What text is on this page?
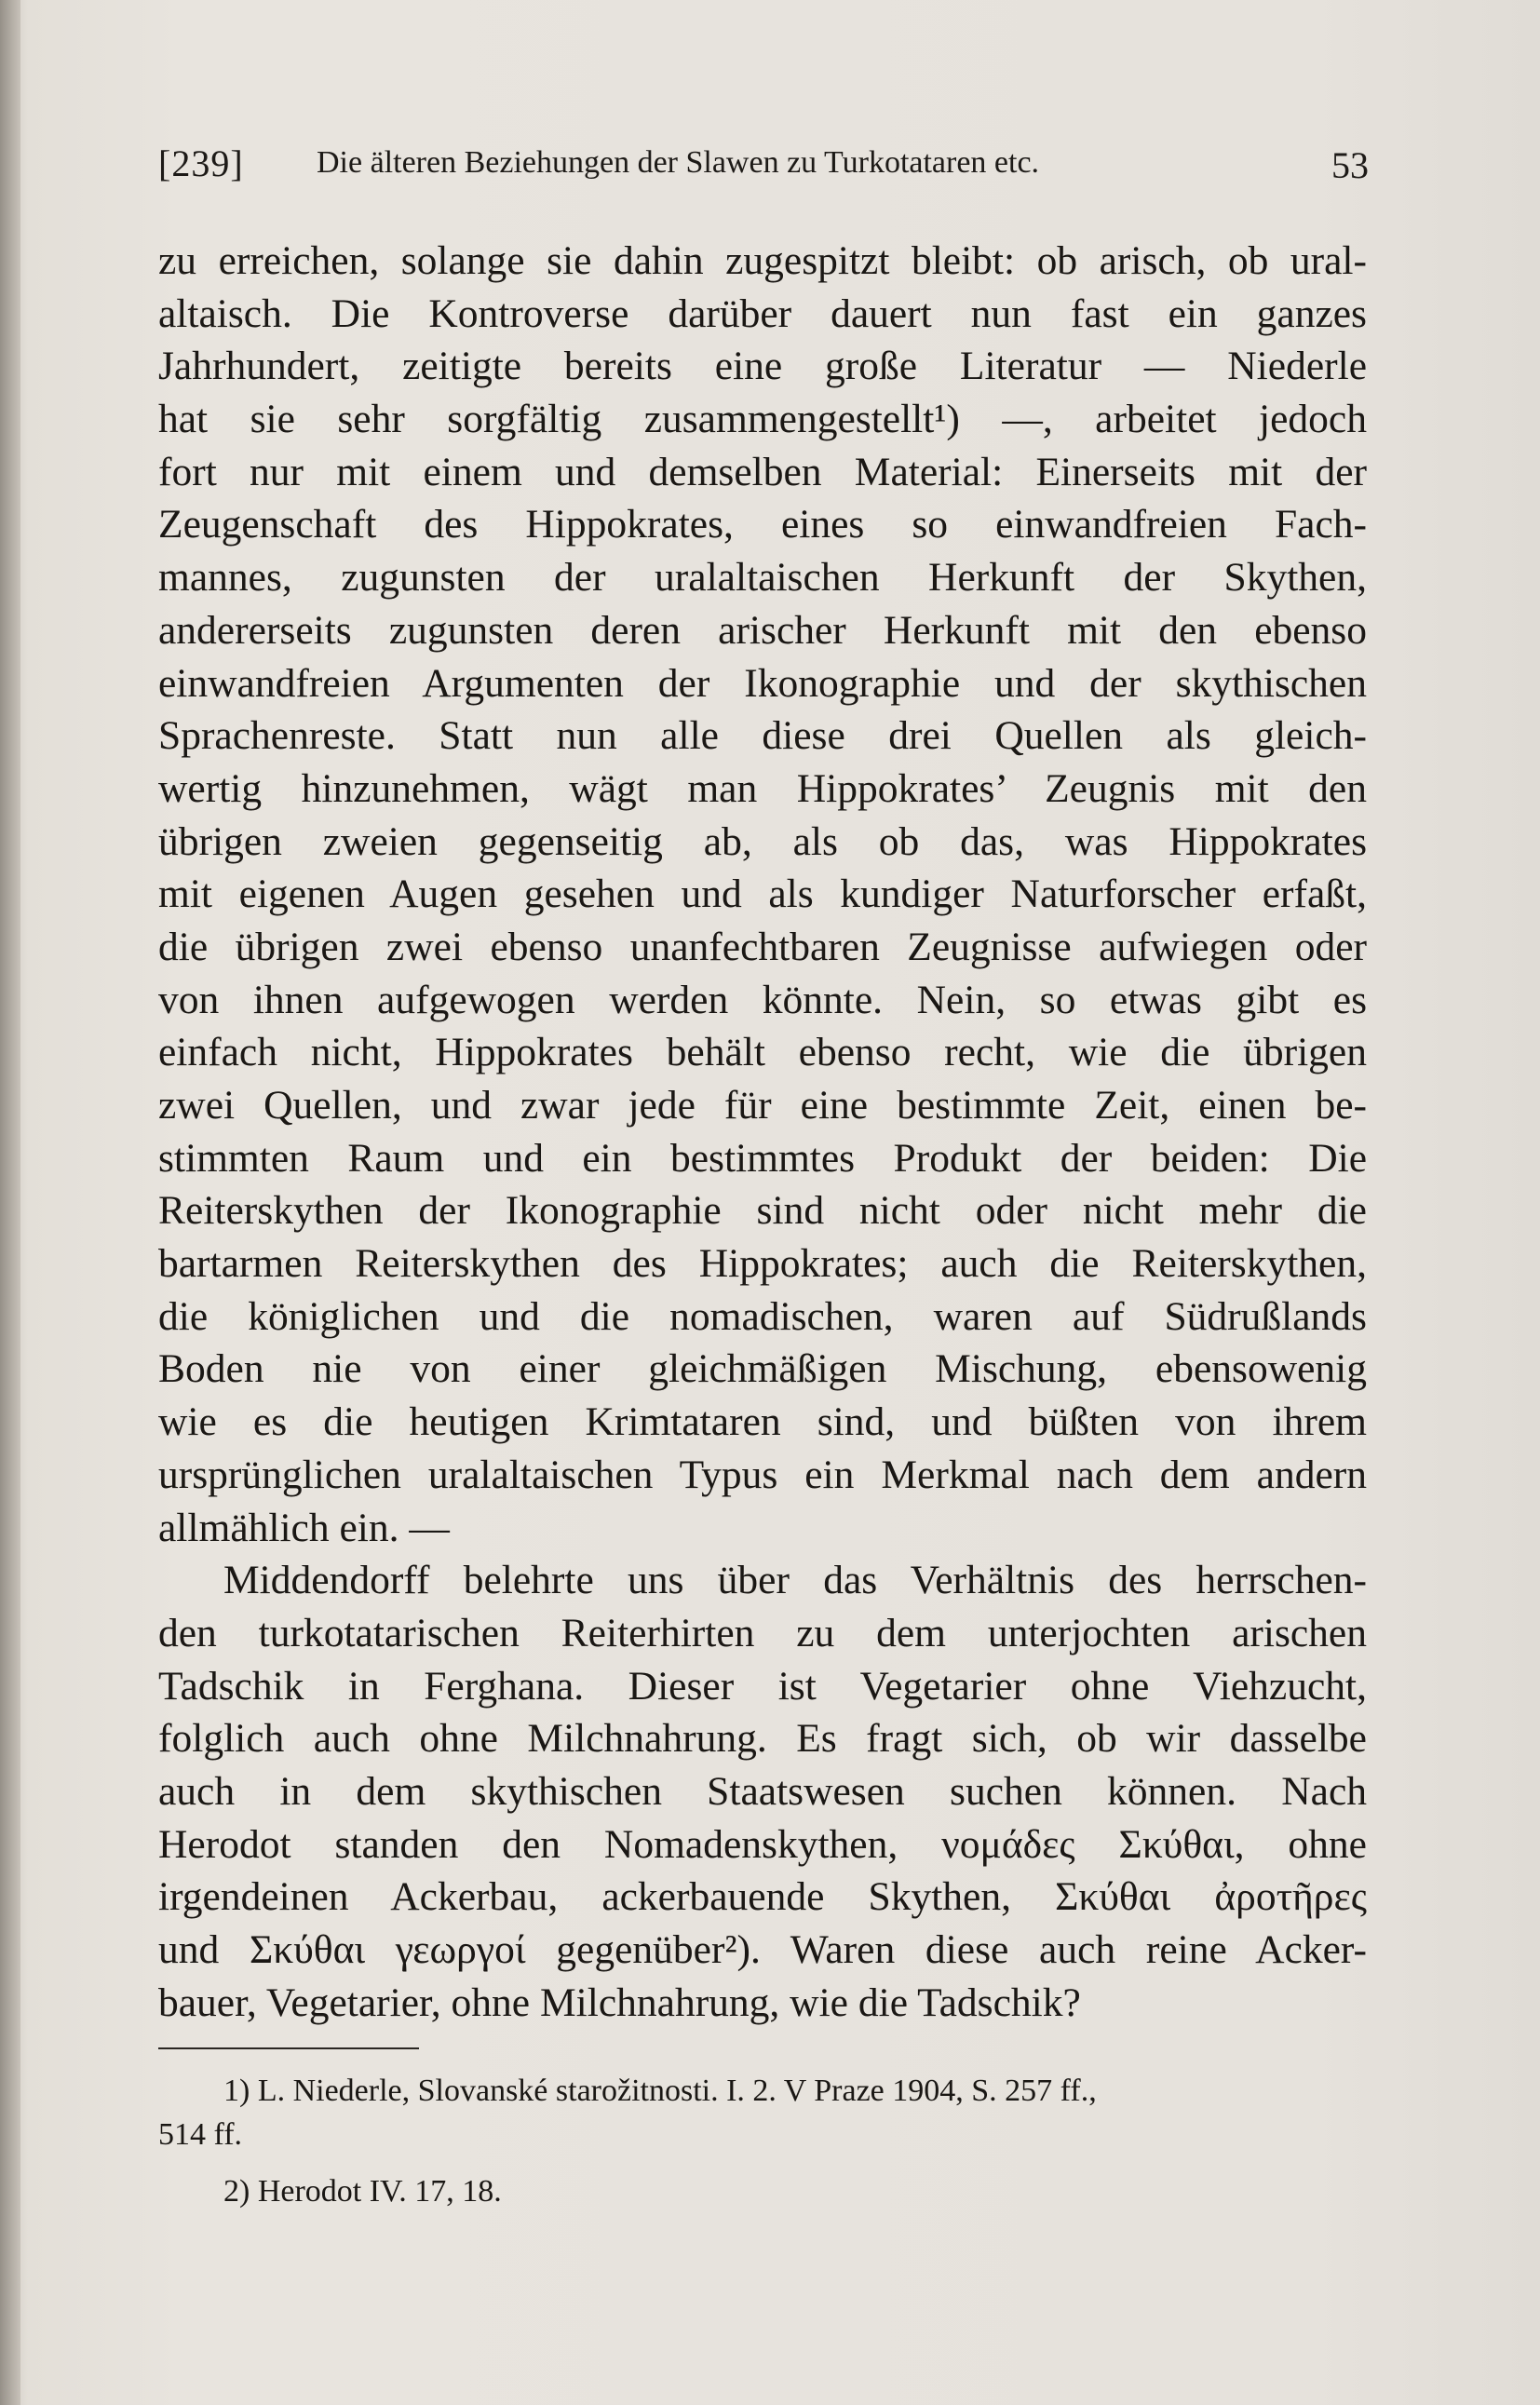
[239] Die älteren Beziehungen der Slawen zu Turkotataren etc.	53
zu erreichen, solange sie dahin zugespitzt bleibt: ob arisch, ob ural-
altaisch. Die Kontroverse darüber dauert nun fast ein ganzes
Jahrhundert, zeitigte bereits eine große Literatur — Niederle
hat sie sehr sorgfältig zusammengestellt¹) —, arbeitet jedoch
fort nur mit einem und demselben Material: Einerseits mit der
Zeugenschaft des Hippokrates, eines so einwandfreien Fach-
mannes, zugunsten der uralaltaischen Herkunft der Skythen,
andererseits zugunsten deren arischer Herkunft mit den ebenso
einwandfreien Argumenten der Ikonographie und der skythischen
Sprachenreste. Statt nun alle diese drei Quellen als gleich-
wertig hinzunehmen, wägt man Hippokrates’ Zeugnis mit den
übrigen zweien gegenseitig ab, als ob das, was Hippokrates
mit eigenen Augen gesehen und als kundiger Naturforscher erfaßt,
die übrigen zwei ebenso unanfechtbaren Zeugnisse aufwiegen oder
von ihnen aufgewogen werden könnte. Nein, so etwas gibt es
einfach nicht, Hippokrates behält ebenso recht, wie die übrigen
zwei Quellen, und zwar jede für eine bestimmte Zeit, einen be-
stimmten Raum und ein bestimmtes Produkt der beiden: Die
Reiterskythen der Ikonographie sind nicht oder nicht mehr die
bartarmen Reiterskythen des Hippokrates; auch die Reiterskythen,
die königlichen und die nomadischen, waren auf Südrußlands
Boden nie von einer gleichmäßigen Mischung, ebensowenig
wie es die heutigen Krimtataren sind, und büßten von ihrem
ursprünglichen uralaltaischen Typus ein Merkmal nach dem andern
allmählich ein. —
Middendorff belehrte uns über das Verhältnis des herrschen-
den turkotatarischen Reiterhirten zu dem unterjochten arischen
Tadschik in Ferghana. Dieser ist Vegetarier ohne Viehzucht,
folglich auch ohne Milchnahrung. Es fragt sich, ob wir dasselbe
auch in dem skythischen Staatswesen suchen können. Nach
Herodot standen den Nomadenskythen, νομάδες Σκύθαι, ohne
irgendeinen Ackerbau, ackerbauende Skythen, Σκύθαι ἀροτῆρες
und Σκύθαι γεωργοί gegenüber²). Waren diese auch reine Acker-
bauer, Vegetarier, ohne Milchnahrung, wie die Tadschik?
1) L. Niederle, Slovanské starožitnosti. I. 2. V Praze 1904, S. 257 ff.,
514 ff.
2) Herodot IV. 17, 18.
